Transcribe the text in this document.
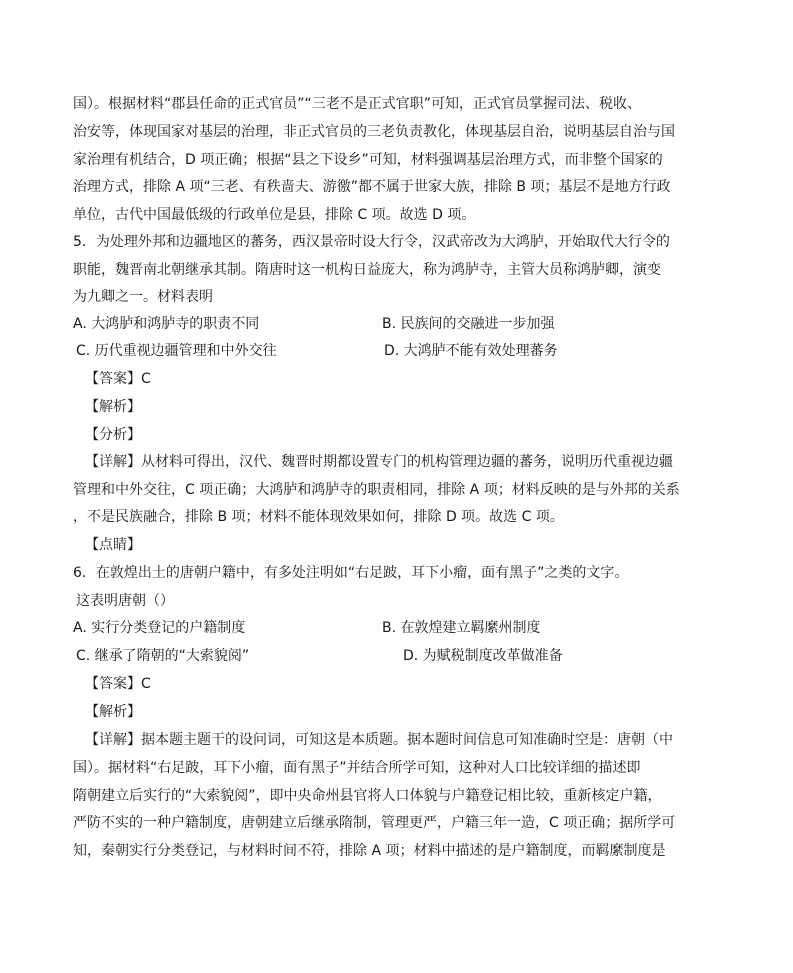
国）。根据材料“郡县任命的正式官员”“三老不是正式官职”可知，正式官员掌握司法、税收、
治安等，体现国家对基层的治理，非正式官员的三老负责教化，体现基层自治，说明基层自治与国
家治理有机结合，D 项正确；根据“县之下设乡”可知，材料强调基层治理方式，而非整个国家的
治理方式，排除 A 项“三老、有秩啬夫、游徼”都不属于世家大族，排除 B 项；基层不是地方行政
单位，古代中国最低级的行政单位是县，排除 C 项。故选 D 项。
5．为处理外邦和边疆地区的蕃务，西汉景帝时设大行令，汉武帝改为大鸿胪，开始取代大行令的
职能，魏晋南北朝继承其制。隋唐时这一机构日益庞大，称为鸿胪寺，主管大员称鸿胪卿，演变
为九卿之一。材料表明
A. 大鸿胪和鸿胪寺的职责不同	B. 民族间的交融进一步加强
C. 历代重视边疆管理和中外交往	D. 大鸿胪不能有效处理蕃务
【答案】C
【解析】
【分析】
【详解】从材料可得出，汉代、魏晋时期都设置专门的机构管理边疆的蕃务，说明历代重视边疆
管理和中外交往，C 项正确；大鸿胪和鸿胪寺的职责相同，排除 A 项；材料反映的是与外邦的关系
，不是民族融合，排除 B 项；材料不能体现效果如何，排除 D 项。故选 C 项。
【点睛】
6．在敦煌出土的唐朝户籍中，有多处注明如“右足跛，耳下小瘤，面有黑子”之类的文字。
这表明唐朝（）
A. 实行分类登记的户籍制度	B. 在敦煌建立羁縻州制度
C. 继承了隋朝的“大索貌阅”	D. 为赋税制度改革做准备
【答案】C
【解析】
【详解】据本题主题干的设问词，可知这是本质题。据本题时间信息可知准确时空是：唐朝（中
国）。据材料“右足跛，耳下小瘤，面有黑子”并结合所学可知，这种对人口比较详细的描述即
隋朝建立后实行的“大索貌阅”，即中央命州县官将人口体貌与户籍登记相比较，重新核定户籍，
严防不实的一种户籍制度，唐朝建立后继承隋制，管理更严，户籍三年一造，C 项正确；据所学可
知，秦朝实行分类登记，与材料时间不符，排除 A 项；材料中描述的是户籍制度，而羁縻制度是
